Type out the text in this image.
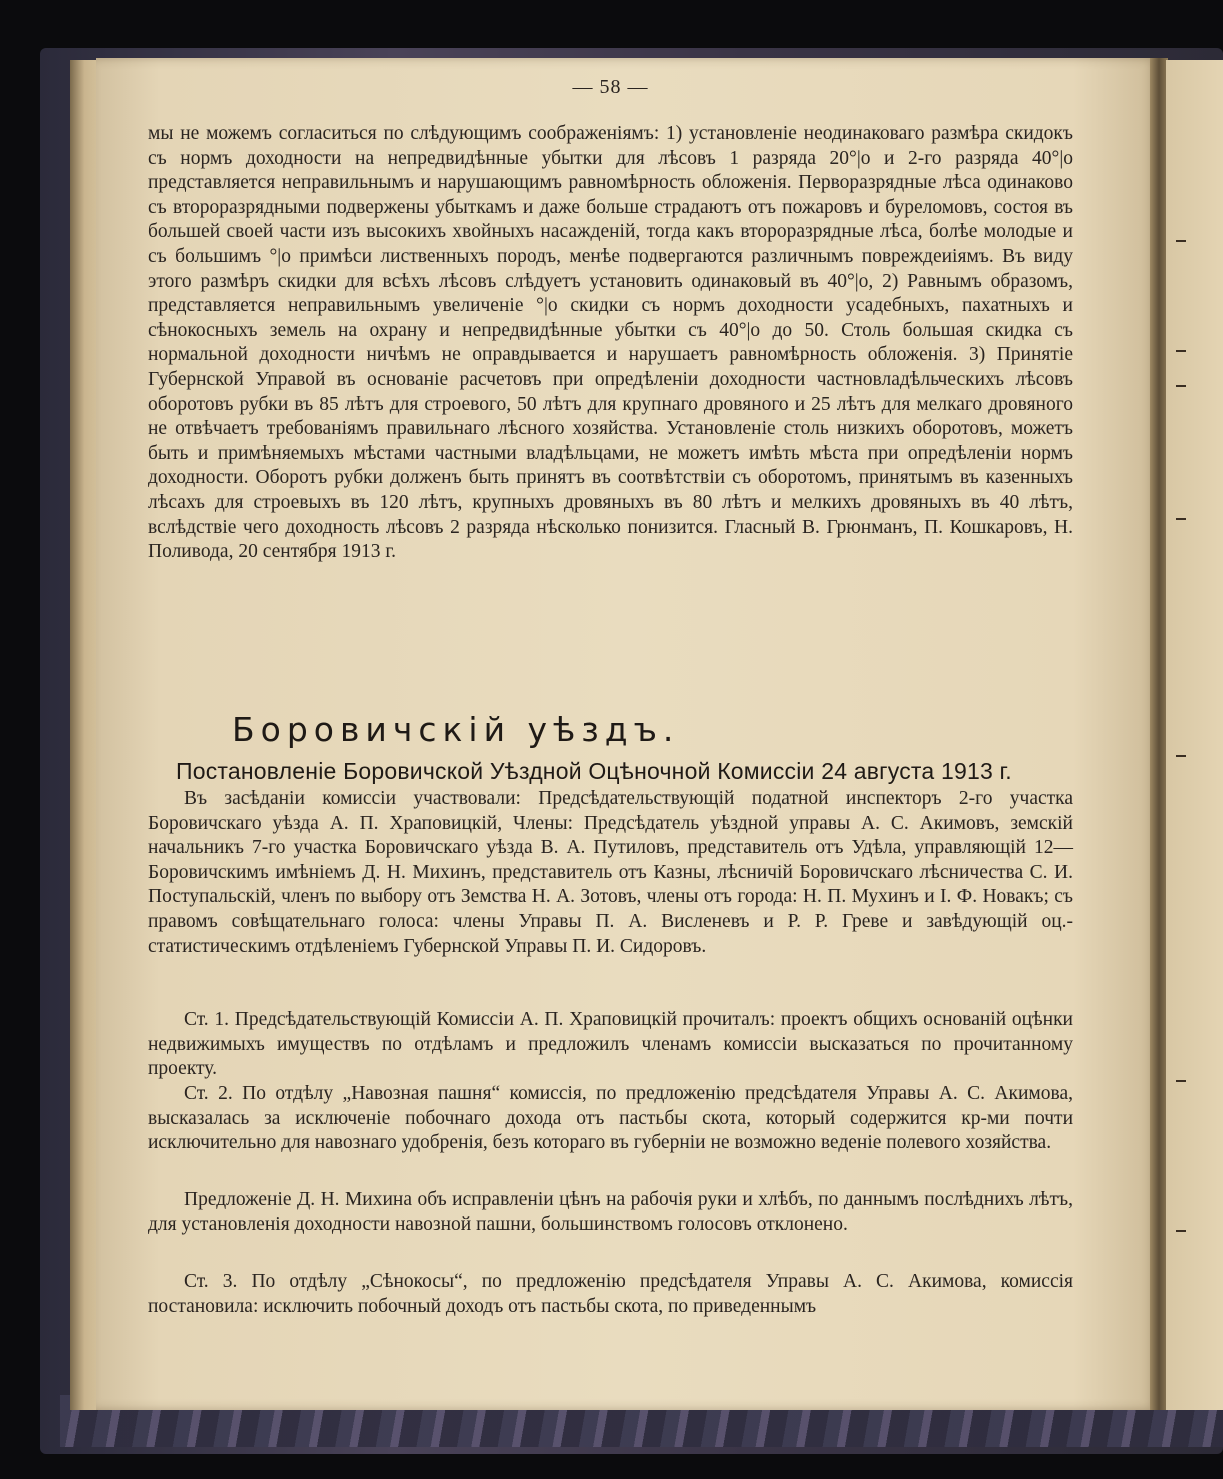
— 58 —

мы не можемъ согласиться по слѣдующимъ соображеніямъ: 1) установленіе неодинаковаго размѣра скидокъ съ нормъ доходности на непредвидѣнные убытки для лѣсовъ 1 разряда 20°|о и 2-го разряда 40°|о представляется неправильнымъ и нарушающимъ равномѣрность обложенія. Перворазрядные лѣса одинаково съ второразрядными подвержены убыткамъ и даже больше страдаютъ отъ пожаровъ и буреломовъ, состоя въ большей своей части изъ высокихъ хвойныхъ насажденій, тогда какъ второразрядные лѣса, болѣе молодые и съ большимъ °|о примѣси лиственныхъ породъ, менѣе подвергаются различнымъ повреждеиіямъ. Въ виду этого размѣръ скидки для всѣхъ лѣсовъ слѣдуетъ установить одинаковый въ 40°|о, 2) Равнымъ образомъ, представляется неправильнымъ увеличеніе °|о скидки съ нормъ доходности усадебныхъ, пахатныхъ и сѣнокосныхъ земель на охрану и непредвидѣнные убытки съ 40°|о до 50. Столь большая скидка съ нормальной доходности ничѣмъ не оправдывается и нарушаетъ равномѣрность обложенія. 3) Принятіе Губернской Управой въ основаніе расчетовъ при опредѣленіи доходности частновладѣльческихъ лѣсовъ оборотовъ рубки въ 85 лѣтъ для строевого, 50 лѣтъ для крупнаго дровяного и 25 лѣтъ для мелкаго дровяного не отвѣчаетъ требованіямъ правильнаго лѣсного хозяйства. Установленіе столь низкихъ оборотовъ, можетъ быть и примѣняемыхъ мѣстами частными владѣльцами, не можетъ имѣть мѣста при опредѣленіи нормъ доходности. Оборотъ рубки долженъ быть принятъ въ соотвѣтствіи съ оборотомъ, принятымъ въ казенныхъ лѣсахъ для строевыхъ въ 120 лѣтъ, крупныхъ дровяныхъ въ 80 лѣтъ и мелкихъ дровяныхъ въ 40 лѣтъ, вслѣдствіе чего доходность лѣсовъ 2 разряда нѣсколько понизится. Гласный В. Грюнманъ, П. Кошкаровъ, Н. Поливода, 20 сентября 1913 г.

Боровичскій уѣздъ.
Постановленіе Боровичской Уѣздной Оцѣночной Комиссіи 24 августа 1913 г.

Въ засѣданіи комиссіи участвовали: Предсѣдательствующій податной инспекторъ 2-го участка Боровичскаго уѣзда А. П. Храповицкій, Члены: Предсѣдатель уѣздной управы А. С. Акимовъ, земскій начальникъ 7-го участка Боровичскаго уѣзда В. А. Путиловъ, представитель отъ Удѣла, управляющій 12—Боровичскимъ имѣніемъ Д. Н. Михинъ, представитель отъ Казны, лѣсничій Боровичскаго лѣсничества С. И. Поступальскій, членъ по выбору отъ Земства Н. А. Зотовъ, члены отъ города: Н. П. Мухинъ и І. Ф. Новакъ; съ правомъ совѣщательнаго голоса: члены Управы П. А. Висленевъ и Р. Р. Греве и завѣдующій оц.-статистическимъ отдѣленіемъ Губернской Управы П. И. Сидоровъ.

Ст. 1. Предсѣдательствующій Комиссіи А. П. Храповицкій прочиталъ: проектъ общихъ основаній оцѣнки недвижимыхъ имуществъ по отдѣламъ и предложилъ членамъ комиссіи высказаться по прочитанному проекту.

Ст. 2. По отдѣлу „Навозная пашня“ комиссія, по предложенію предсѣдателя Управы А. С. Акимова, высказалась за исключеніе побочнаго дохода отъ пастьбы скота, который содержится кр-ми почти исключительно для навознаго удобренія, безъ котораго въ губерніи не возможно веденіе полевого хозяйства.

Предложеніе Д. Н. Михина объ исправленіи цѣнъ на рабочія руки и хлѣбъ, по даннымъ послѣднихъ лѣтъ, для установленія доходности навозной пашни, большинствомъ голосовъ отклонено.

Ст. 3. По отдѣлу „Сѣнокосы“, по предложенію предсѣдателя Управы А. С. Акимова, комиссія постановила: исключить побочный доходъ отъ пастьбы скота, по приведеннымъ
